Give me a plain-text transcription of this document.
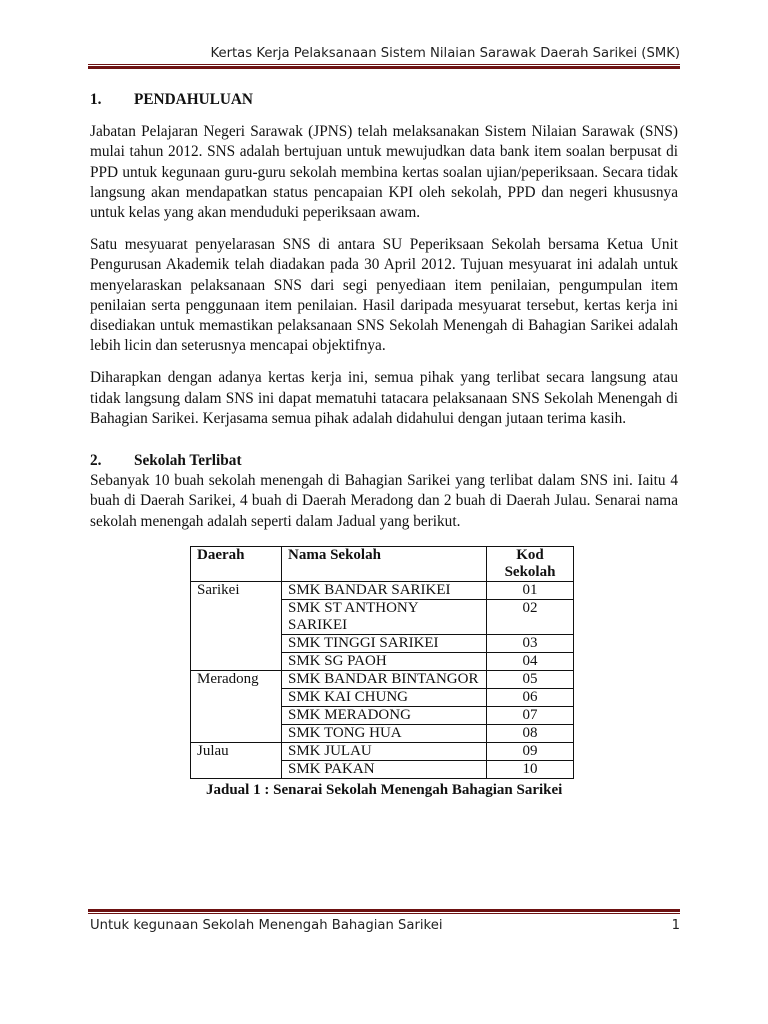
Kertas Kerja Pelaksanaan Sistem Nilaian Sarawak Daerah Sarikei (SMK)
1. PENDAHULUAN

Jabatan Pelajaran Negeri Sarawak (JPNS) telah melaksanakan Sistem Nilaian Sarawak (SNS) mulai tahun 2012. SNS adalah bertujuan untuk mewujudkan data bank item soalan berpusat di PPD untuk kegunaan guru-guru sekolah membina kertas soalan ujian/peperiksaan. Secara tidak langsung akan mendapatkan status pencapaian KPI oleh sekolah, PPD dan negeri khususnya untuk kelas yang akan menduduki peperiksaan awam.

Satu mesyuarat penyelarasan SNS di antara SU Peperiksaan Sekolah bersama Ketua Unit Pengurusan Akademik telah diadakan pada 30 April 2012. Tujuan mesyuarat ini adalah untuk menyelaraskan pelaksanaan SNS dari segi penyediaan item penilaian, pengumpulan item penilaian serta penggunaan item penilaian. Hasil daripada mesyuarat tersebut, kertas kerja ini disediakan untuk memastikan pelaksanaan SNS Sekolah Menengah di Bahagian Sarikei adalah lebih licin dan seterusnya mencapai objektifnya.

Diharapkan dengan adanya kertas kerja ini, semua pihak yang terlibat secara langsung atau tidak langsung dalam SNS ini dapat mematuhi tatacara pelaksanaan SNS Sekolah Menengah di Bahagian Sarikei. Kerjasama semua pihak adalah didahului dengan jutaan terima kasih.

2. Sekolah Terlibat

Sebanyak 10 buah sekolah menengah di Bahagian Sarikei yang terlibat dalam SNS ini. Iaitu 4 buah di Daerah Sarikei, 4 buah di Daerah Meradong dan 2 buah di Daerah Julau. Senarai nama sekolah menengah adalah seperti dalam Jadual yang berikut.

Daerah	Nama Sekolah	Kod
Sekolah
Sarikei	SMK BANDAR SARIKEI	01
	SMK ST ANTHONY SARIKEI	02
	SMK TINGGI SARIKEI	03
	SMK SG PAOH	04
Meradong	SMK BANDAR BINTANGOR	05
	SMK KAI CHUNG	06
	SMK MERADONG	07
	SMK TONG HUA	08
Julau	SMK JULAU	09
	SMK PAKAN	10
Jadual 1 : Senarai Sekolah Menengah Bahagian Sarikei
Untuk kegunaan Sekolah Menengah Bahagian Sarikei	1
